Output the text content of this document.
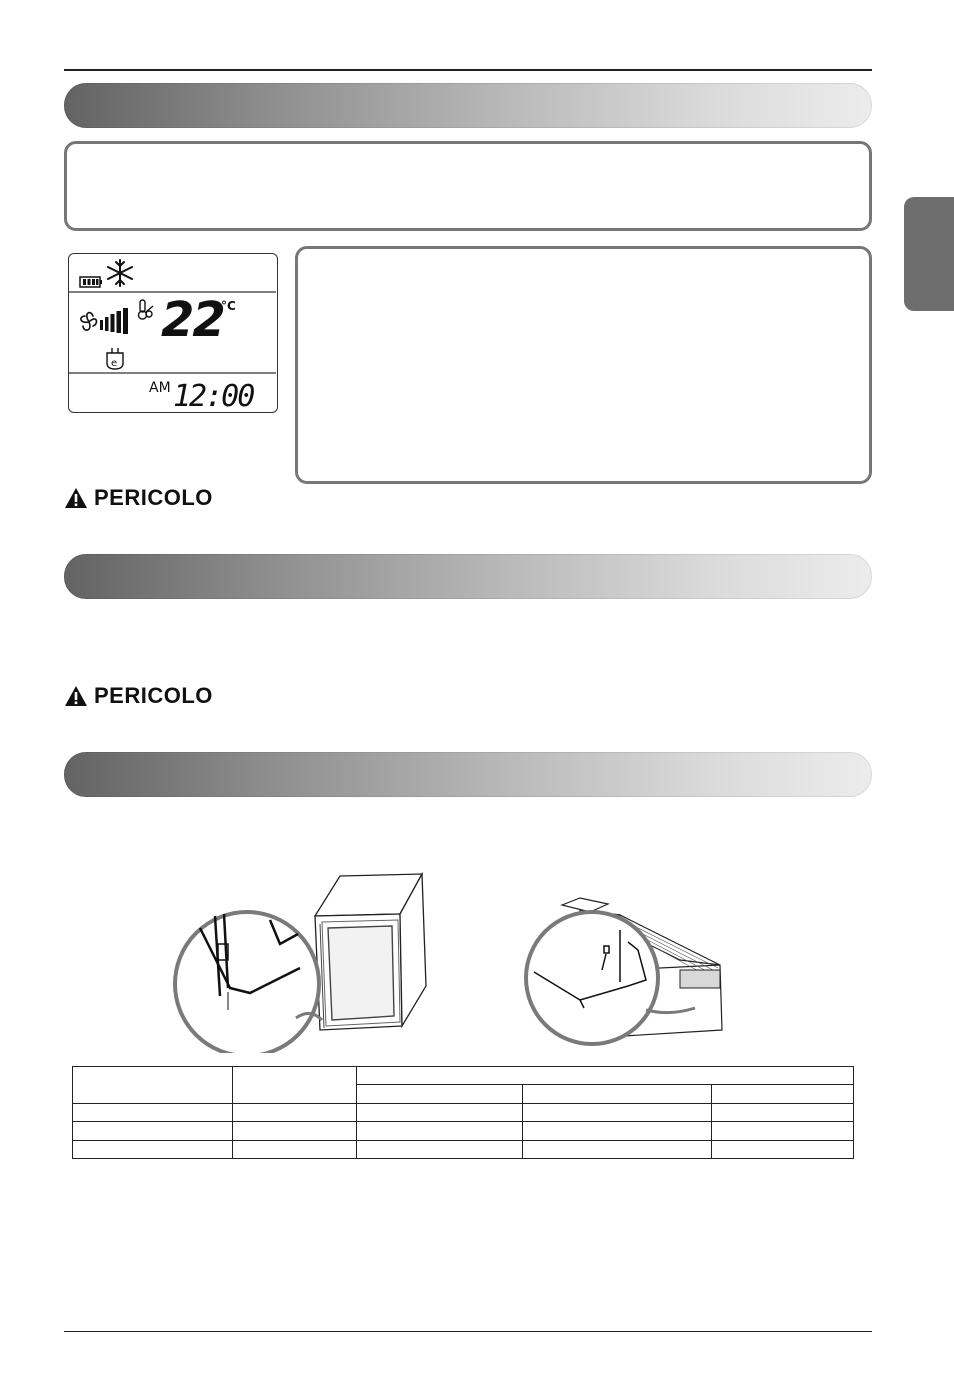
22
°C
e
AM 12:00
PERICOLO
PERICOLO
